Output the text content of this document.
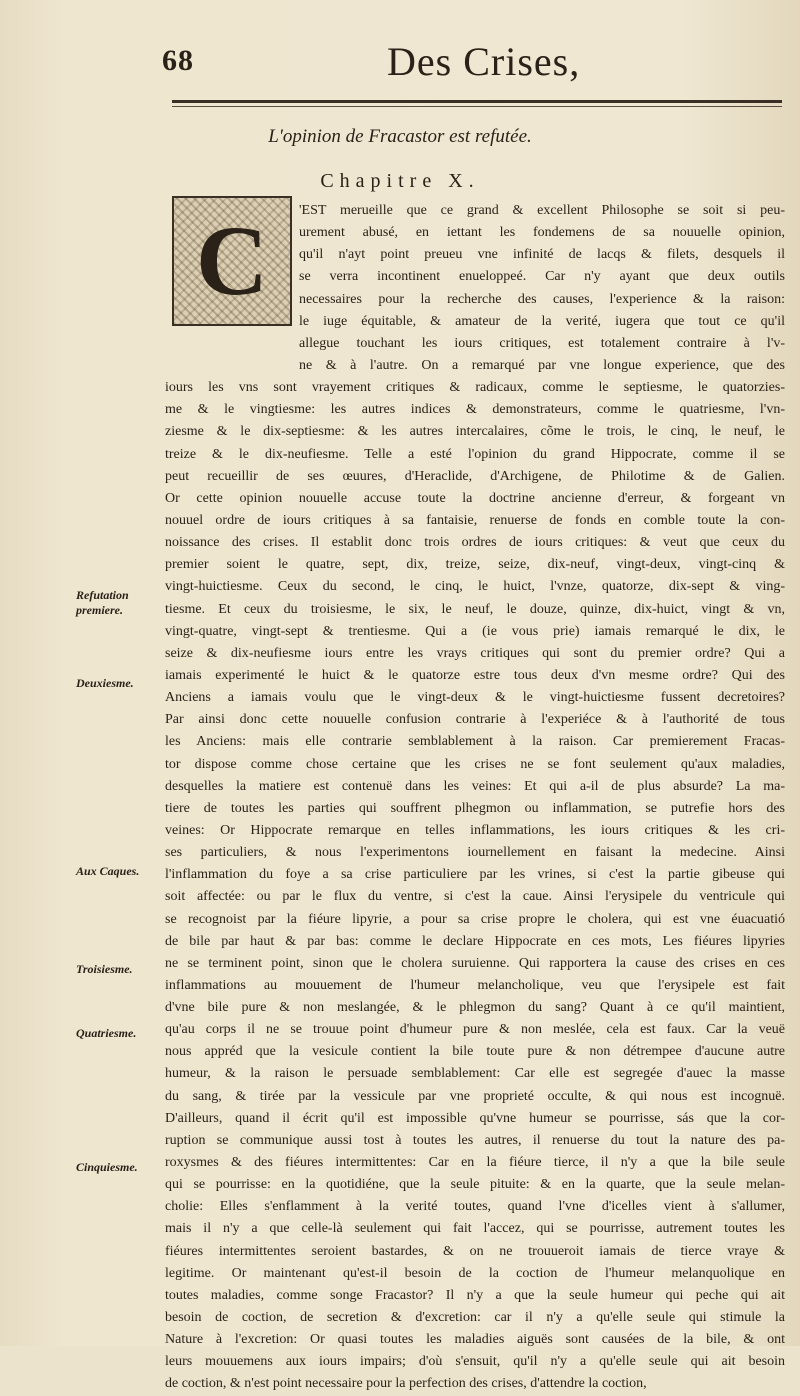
68	Des Crises,
L'opinion de Fracastor est refutée.
Chapitre X.
C	'EST merueille que ce grand & excellent Philosophe se soit si peu-
urement abusé, en iettant les fondemens de sa nouuelle opinion,
qu'il n'ayt point preueu vne infinité de lacqs & filets, desquels il
se verra incontinent enueloppeé. Car n'y ayant que deux outils
necessaires pour la recherche des causes, l'experience & la raison:
le iuge équitable, & amateur de la verité, iugera que tout ce qu'il
allegue touchant les iours critiques, est totalement contraire à l'v-
ne & à l'autre. On a remarqué par vne longue experience, que des
iours les vns sont vrayement critiques & radicaux, comme le septiesme, le quatorzies-
me & le vingtiesme: les autres indices & demonstrateurs, comme le quatriesme, l'vn-
ziesme & le dix-septiesme: & les autres intercalaires, cõme le trois, le cinq, le neuf, le
treize & le dix-neufiesme. Telle a esté l'opinion du grand Hippocrate, comme il se
peut recueillir de ses œuures, d'Heraclide, d'Archigene, de Philotime & de Galien.
Or cette opinion nouuelle accuse toute la doctrine ancienne d'erreur, & forgeant vn
nouuel ordre de iours critiques à sa fantaisie, renuerse de fonds en comble toute la con-
noissance des crises. Il establit donc trois ordres de iours critiques: & veut que ceux du
premier soient le quatre, sept, dix, treize, seize, dix-neuf, vingt-deux, vingt-cinq &
vingt-huictiesme. Ceux du second, le cinq, le huict, l'vnze, quatorze, dix-sept & ving-
tiesme. Et ceux du troisiesme, le six, le neuf, le douze, quinze, dix-huict, vingt & vn,
vingt-quatre, vingt-sept & trentiesme. Qui a (ie vous prie) iamais remarqué le dix, le
seize & dix-neufiesme iours entre les vrays critiques qui sont du premier ordre? Qui a
iamais experimenté le huict & le quatorze estre tous deux d'vn mesme ordre? Qui des
Anciens a iamais voulu que le vingt-deux & le vingt-huictiesme fussent decretoires?
Par ainsi donc cette nouuelle confusion contrarie à l'experiéce & à l'authorité de tous
les Anciens: mais elle contrarie semblablement à la raison. Car premierement Fracas-
tor dispose comme chose certaine que les crises ne se font seulement qu'aux maladies,
desquelles la matiere est contenuë dans les veines: Et qui a-il de plus absurde? La ma-
tiere de toutes les parties qui souffrent plhegmon ou inflammation, se putrefie hors des
veines: Or Hippocrate remarque en telles inflammations, les iours critiques & les cri-
ses particuliers, & nous l'experimentons iournellement en faisant la medecine. Ainsi
l'inflammation du foye a sa crise particuliere par les vrines, si c'est la partie gibeuse qui
soit affectée: ou par le flux du ventre, si c'est la caue. Ainsi l'erysipele du ventricule qui
se recognoist par la fiéure lipyrie, a pour sa crise propre le cholera, qui est vne éuacuatió
de bile par haut & par bas: comme le declare Hippocrate en ces mots, Les fiéures lipyries
ne se terminent point, sinon que le cholera suruienne. Qui rapportera la cause des crises en ces
inflammations au mouuement de l'humeur melancholique, veu que l'erysipele est fait
d'vne bile pure & non meslangée, & le phlegmon du sang? Quant à ce qu'il maintient,
qu'au corps il ne se trouue point d'humeur pure & non meslée, cela est faux. Car la veuë
nous appréd que la vesicule contient la bile toute pure & non détrempee d'aucune autre
humeur, & la raison le persuade semblablement: Car elle est segregée d'auec la masse
du sang, & tirée par la vessicule par vne proprieté occulte, & qui nous est incognuë.
D'ailleurs, quand il écrit qu'il est impossible qu'vne humeur se pourrisse, sás que la cor-
ruption se communique aussi tost à toutes les autres, il renuerse du tout la nature des pa-
roxysmes & des fiéures intermittentes: Car en la fiéure tierce, il n'y a que la bile seule
qui se pourrisse: en la quotidiéne, que la seule pituite: & en la quarte, que la seule melan-
cholie: Elles s'enflamment à la verité toutes, quand l'vne d'icelles vient à s'allumer,
mais il n'y a que celle-là seulement qui fait l'accez, qui se pourrisse, autrement toutes les
fiéures intermittentes seroient bastardes, & on ne trouueroit iamais de tierce vraye &
legitime. Or maintenant qu'est-il besoin de la coction de l'humeur melanquolique en
toutes maladies, comme songe Fracastor? Il n'y a que la seule humeur qui peche qui ait
besoin de coction, de secretion & d'excretion: car il n'y a qu'elle seule qui stimule la
Nature à l'excretion: Or quasi toutes les maladies aiguës sont causées de la bile, & ont
leurs mouuemens aux iours impairs; d'où s'ensuit, qu'il n'y a qu'elle seule qui ait besoin
de coction, & n'est point necessaire pour la perfection des crises, d'attendre la coction,
Refutation premiere.
Deuxiesme.
Aux Caques.
Troisiesme.
Quatriesme.
Cinquiesme.
